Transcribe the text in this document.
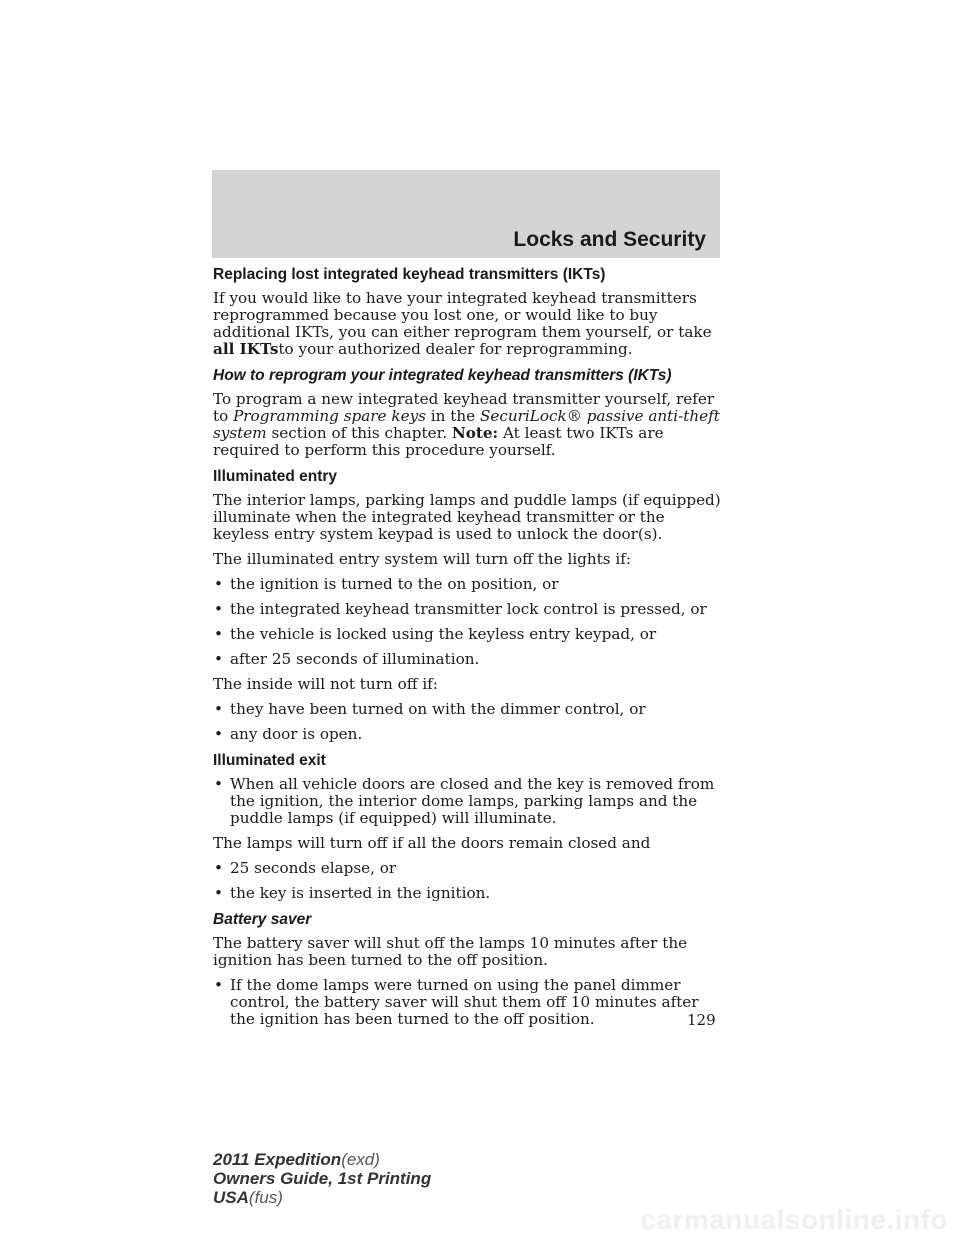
Locks and Security
Replacing lost integrated keyhead transmitters (IKTs)
If you would like to have your integrated keyhead transmitters reprogrammed because you lost one, or would like to buy additional IKTs, you can either reprogram them yourself, or take all IKTsto your authorized dealer for reprogramming.
How to reprogram your integrated keyhead transmitters (IKTs)
To program a new integrated keyhead transmitter yourself, refer to Programming spare keys in the SecuriLock® passive anti-theft system section of this chapter. Note: At least two IKTs are required to perform this procedure yourself.
Illuminated entry
The interior lamps, parking lamps and puddle lamps (if equipped) illuminate when the integrated keyhead transmitter or the keyless entry system keypad is used to unlock the door(s).
The illuminated entry system will turn off the lights if:
• the ignition is turned to the on position, or
• the integrated keyhead transmitter lock control is pressed, or
• the vehicle is locked using the keyless entry keypad, or
• after 25 seconds of illumination.
The inside will not turn off if:
• they have been turned on with the dimmer control, or
• any door is open.
Illuminated exit
• When all vehicle doors are closed and the key is removed from the ignition, the interior dome lamps, parking lamps and the puddle lamps (if equipped) will illuminate.
The lamps will turn off if all the doors remain closed and
• 25 seconds elapse, or
• the key is inserted in the ignition.
Battery saver
The battery saver will shut off the lamps 10 minutes after the ignition has been turned to the off position.
• If the dome lamps were turned on using the panel dimmer control, the battery saver will shut them off 10 minutes after the ignition has been turned to the off position.	129
2011 Expedition(exd)
Owners Guide, 1st Printing
USA(fus)
carmanualsonline.info
